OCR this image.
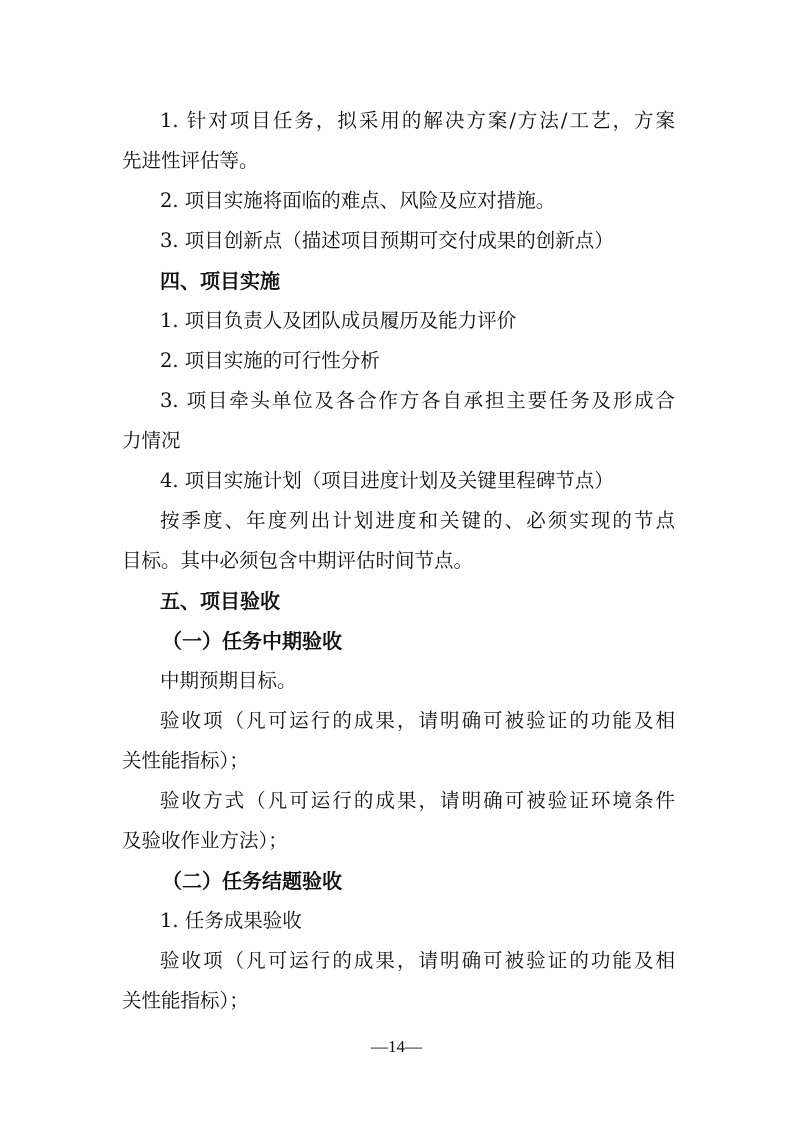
1. 针对项目任务，拟采用的解决方案/方法/工艺，方案
先进性评估等。
2. 项目实施将面临的难点、风险及应对措施。
3. 项目创新点（描述项目预期可交付成果的创新点）
四、项目实施
1. 项目负责人及团队成员履历及能力评价
2. 项目实施的可行性分析
3. 项目牵头单位及各合作方各自承担主要任务及形成合
力情况
4. 项目实施计划（项目进度计划及关键里程碑节点）
按季度、年度列出计划进度和关键的、必须实现的节点
目标。其中必须包含中期评估时间节点。
五、项目验收
（一）任务中期验收
中期预期目标。
验收项（凡可运行的成果，请明确可被验证的功能及相
关性能指标）；
验收方式（凡可运行的成果，请明确可被验证环境条件
及验收作业方法）；
（二）任务结题验收
1. 任务成果验收
验收项（凡可运行的成果，请明确可被验证的功能及相
关性能指标）；
—14—
